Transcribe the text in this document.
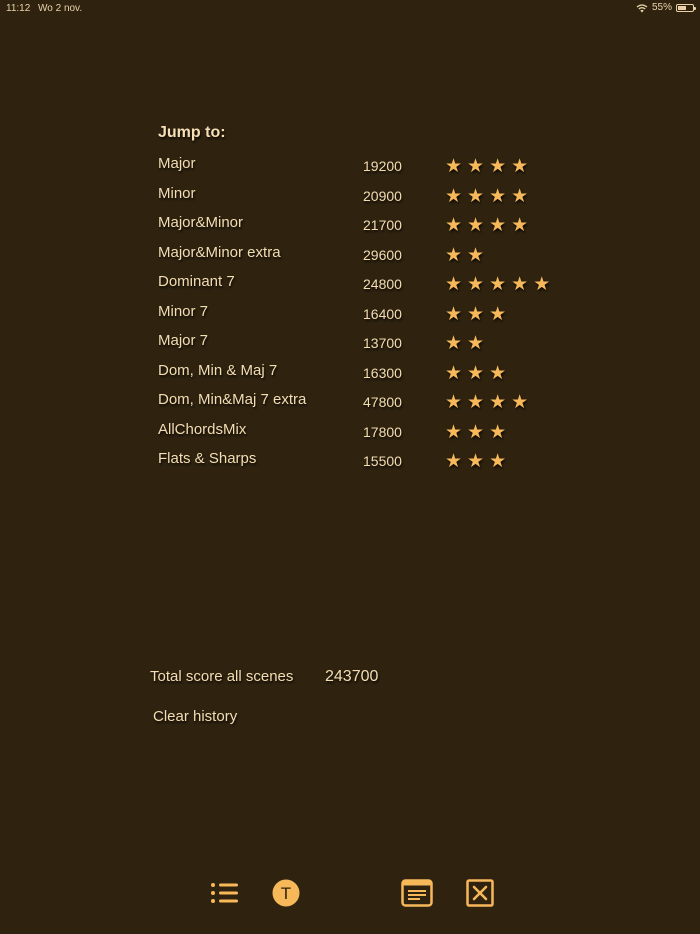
11:12 Wo 2 nov.	55%
Jump to:
Major	19200 ★ ★ ★ ★
Minor	20900 ★ ★ ★ ★
Major&Minor	21700 ★ ★ ★ ★
Major&Minor extra	29600 ★ ★
Dominant 7	24800 ★ ★ ★ ★ ★
Minor 7	16400 ★ ★ ★
Major 7	13700 ★ ★
Dom, Min & Maj 7	16300 ★ ★ ★
Dom, Min&Maj 7 extra	47800 ★ ★ ★ ★
AllChordsMix	17800 ★ ★ ★
Flats & Sharps	15500 ★ ★ ★
Total score all scenes 243700
Clear history
T
